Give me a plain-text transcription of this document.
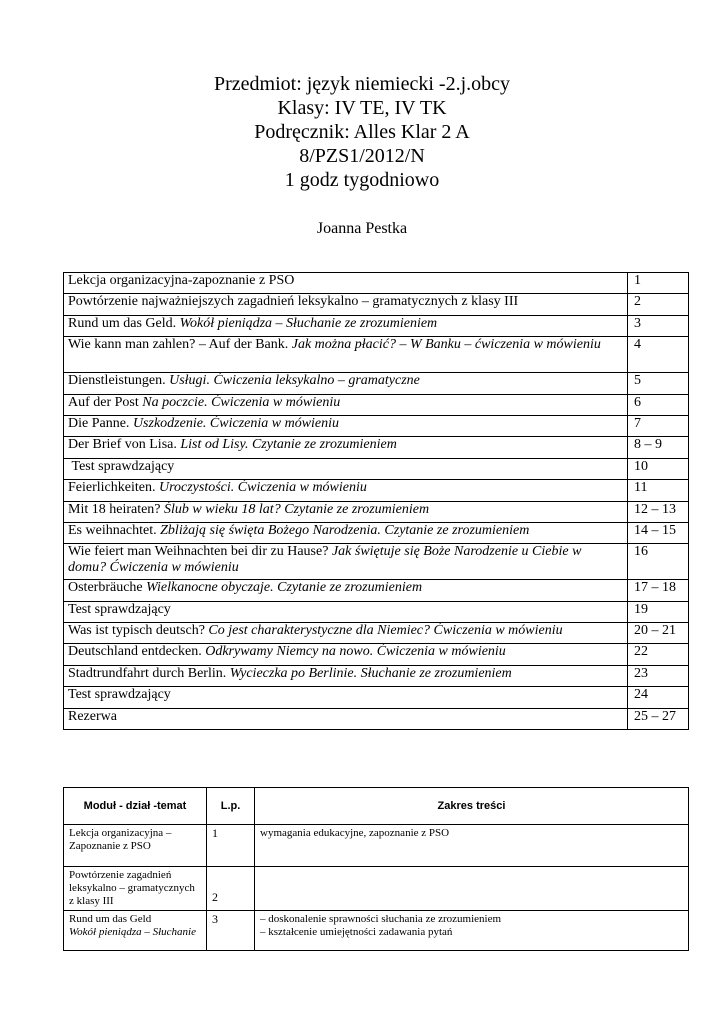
Przedmiot: język niemiecki -2.j.obcy
Klasy: IV TE, IV TK
Podręcznik: Alles Klar 2 A
8/PZS1/2012/N
1 godz tygodniowo
Joanna Pestka
Lekcja organizacyjna-zapoznanie z PSO	1
Powtórzenie najważniejszych zagadnień leksykalno – gramatycznych z klasy III	2
Rund um das Geld. Wokół pieniądza – Słuchanie ze zrozumieniem	3
Wie kann man zahlen? – Auf der Bank. Jak można płacić? – W Banku – ćwiczenia w mówieniu	4
Dienstleistungen. Usługi. Ćwiczenia leksykalno – gramatyczne	5
Auf der Post Na poczcie. Ćwiczenia w mówieniu	6
Die Panne. Uszkodzenie. Ćwiczenia w mówieniu	7
Der Brief von Lisa. List od Lisy. Czytanie ze zrozumieniem	8 – 9
Test sprawdzający	10
Feierlichkeiten. Uroczystości. Ćwiczenia w mówieniu	11
Mit 18 heiraten? Ślub w wieku 18 lat? Czytanie ze zrozumieniem	12 – 13
Es weihnachtet. Zbliżają się święta Bożego Narodzenia. Czytanie ze zrozumieniem	14 – 15
Wie feiert man Weihnachten bei dir zu Hause? Jak świętuje się Boże Narodzenie u Ciebie w domu? Ćwiczenia w mówieniu	16
Osterbräuche Wielkanocne obyczaje. Czytanie ze zrozumieniem	17 – 18
Test sprawdzający	19
Was ist typisch deutsch? Co jest charakterystyczne dla Niemiec? Ćwiczenia w mówieniu	20 – 21
Deutschland entdecken. Odkrywamy Niemcy na nowo. Ćwiczenia w mówieniu	22
Stadtrundfahrt durch Berlin. Wycieczka po Berlinie. Słuchanie ze zrozumieniem	23
Test sprawdzający	24
Rezerwa	25 – 27
Moduł - dział -temat	L.p.	Zakres treści
Lekcja organizacyjna – Zapoznanie z PSO	1	wymagania edukacyjne, zapoznanie z PSO
Powtórzenie zagadnień leksykalno – gramatycznych z klasy III	2	
Rund um das Geld
Wokół pieniądza – Słuchanie	3	– doskonalenie sprawności słuchania ze zrozumieniem
– kształcenie umiejętności zadawania pytań
